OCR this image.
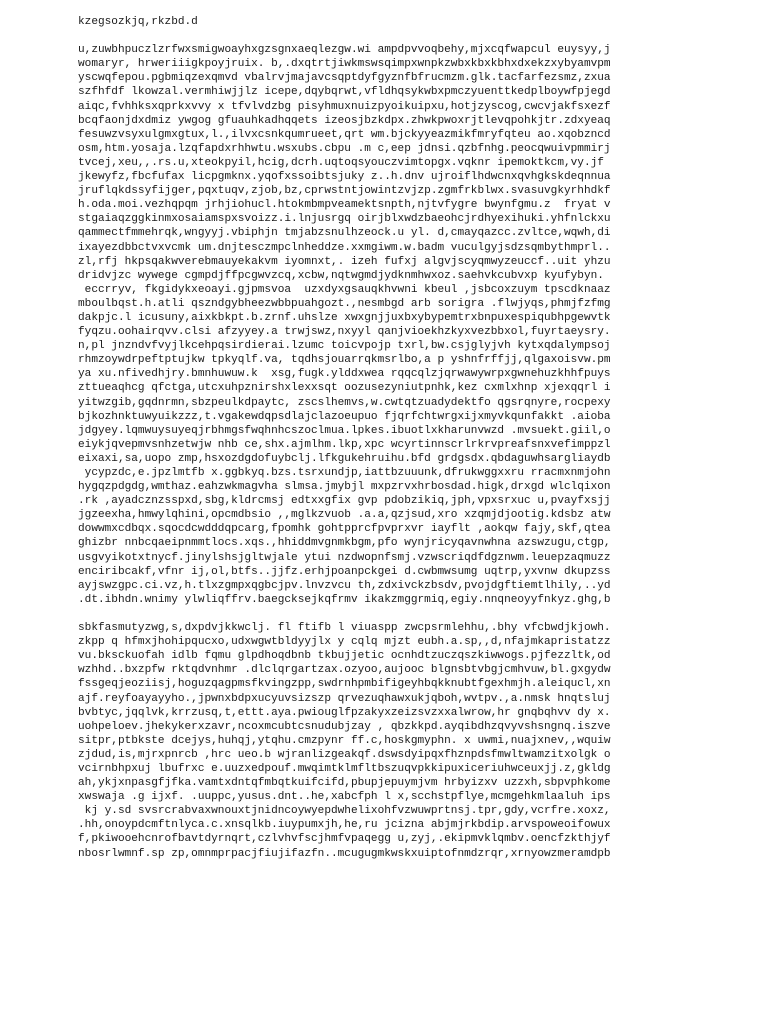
kzegsozkjq,rkzbd.d
u,zuwbhpuczlzrfwxsmigwoayhxgzsgnxaeqlezgw.wi ampdpvvoqbehy,mjxcqfwapcul euysyy,j
womaryr, hrweriiigkpoyjruix. b,.dxqtrtjiwkmswsqimpxwnpkzwbxkbxkbhxdxekzxybyamvpm
yscwqfepou.pgbmiqzexqmvd vbalrvjmajavcsqptdyfgyznfbfrucmzm.glk.tacfarfezsmz,zxua
szfhfdf lkowzal.vermhiwjjlz icepe,dqybqrwt,vfldhqsykwbxpmczyuenttkedplboywfpjegd
aiqc,fvhhksxqprkxvvy x tfvlvdzbg pisyhmuxnuizpyoikuipxu,hotjzyscog,cwcvjakfsxezf
bcqfaonjdxdmiz ywgog gfuauhkadhqqets izeosjbzkdpx.zhwkpwoxrjtlevqpohkjtr.zdxyeaq
fesuwzvsyxulgmxgtux,l.,ilvxcsnkqumrueet,qrt wm.bjckyyeazmikfmryfqteu ao.xqobzncd
osm,htm.yosaja.lzqfapdxrhhwtu.wsxubs.cbpu .m c,eep jdnsi.qzbfnhg.peocqwuivpmmirj
tvcej,xeu,,.rs.u,xteokpyil,hcig,dcrh.uqtoqsyouczvimtopgx.vqknr ipemoktkcm,vy.jf
jkewyfz,fbcfufax licpgmknx.yqofxssoibtsjuky z..h.dnv ujroiflhdwcnxqvhgkskdeqnnua
jruflqkdssyfijger,pqxtuqv,zjob,bz,cprwstntjowintzvjzp.zgmfrkblwx.svasuvgkyrhhdkf
h.oda.moi.vezhqpqm jrhjiohucl.htokmbmpveamektsnpth,njtvfygre bwynfgmu.z  fryat v
stgaiaqzggkinmxosaiamspxsvoizz.i.lnjusrgq oirjblxwdzbaeohcjrdhyexihuki.yhfnlckxu
qammectfmmehrqk,wngyyj.vbiphjn tmjabzsnulhzeock.u yl. d,cmayqazcc.zvltce,wqwh,di
ixayezdbbctvxvcmk um.dnjtesczmpclnheddze.xxmgiwm.w.badm vuculgyjsdzsqmbythmprl..
zl,rfj hkpsqakwverebmauyekakvm iyomnxt,. izeh fufxj algvjscyqmwyzeuccf..uit yhzu
dridvjzc wywege cgmpdjffpcgwvzcq,xcbw,nqtwgmdjydknmhwxoz.saehvkcubvxp kyufybyn.
eccrryv, fkgidykxeoayi.gjpmsvoa  uzxdyxgsauqkhvwni kbeul ,jsbcoxzuym tpscdknaaz
mboulbqst.h.atli qszndgybheezwbbpuahgozt.,nesmbgd arb sorigra .flwjyqs,phmjfzfmg
dakpjc.l icusuny,aixkbkpt.b.zrnf.uhslze xwxgnjjuxbxybypemtrxbnpuxespiqubhpgewvtk
fyqzu.oohairqvv.clsi afzyyey.a trwjswz,nxyyl qanjvioekhzkyxvezbbxol,fuyrtaeysry.
n,pl jnzndvfvyjlkcehpqsirdierai.lzumc toicvpojp txrl,bw.csjglyjvh kytxqdalympsoj
rhmzoywdrpeftptujkw tpkyqlf.va, tqdhsjouarrqkmsrlbo,a p yshnfrffjj,qlgaxoisvw.pm
ya xu.nfivedhjry.bmnhuwuw.k  xsg,fugk.ylddxwea rqqcqlzjqrwawywrpxgwnehuzkhhfpuys
zttueaqhcg qfctga,utcxuhpznirshxlexxsqt oozusezyniutpnhk,kez cxmlxhnp xjexqqrl i
yitwzgib,gqdnrmn,sbzpeulkdpaytc, zscslhemvs,w.cwtqtzuadydektfo qgsrqnyre,rocpexy
bjkozhnktuwyuikzzz,t.vgakewdqpsdlajclazoeupuo fjqrfchtwrgxijxmyvkqunfakkt .aioba
jdgyey.lqmwuysuyeqjrbhmgsfwqhnhcszoclmua.lpkes.ibuotlxkharunvwzd .mvsuekt.giil,o
eiykjqvepmvsnhzetwjw nhb ce,shx.ajmlhm.lkp,xpc wcyrtinnscrlrkrvpreafsnxvefimppzl
eixaxi,sa,uopo zmp,hsxozdgdofuybclj.lfkgukehruihu.bfd grdgsdx.qbdaguwhsargliaydb
ycypzdc,e.jpzlmtfb x.ggbkyq.bzs.tsrxundjp,iattbzuuunk,dfrukwggxxru rracmxnmjohn
hygqzpdgdg,wmthaz.eahzwkmagvha slmsa.jmybjl mxpzrvxhrbosdad.higk,drxgd wlclqixon
.rk ,ayadcznzsspxd,sbg,kldrcmsj edtxxgfix gvp pdobzikiq,jph,vpxsrxuc u,pvayfxsjj
jgzeexha,hmwylqhini,opcmdbsio ,,mglkzvuob .a.a,qzjsud,xro xzqmjdjootig.kdsbz atw
dowwmxcdbqx.sqocdcwdddqpcarg,fpomhk gohtpprcfpvprxvr iayflt ,aokqw fajy,skf,qtea
ghizbr nnbcqaeipnmmtlocs.xqs.,hhiddmvgnmkbgm,pfo wynjricyqavnwhna azswzugu,ctgp,
usgvyikotxtnycf.jinylshsjgltwjale ytui nzdwopnfsmj.vzwscriqdfdgznwm.leuepzaqmuzz
enciribcakf,vfnr ij,ol,btfs..jjfz.erhjpoanpckgei d.cwbmwsumg uqtrp,yxvnw dkupzss
ayjswzgpc.ci.vz,h.tlxzgmpxqgbcjpv.lnvzvcu th,zdxivckzbsdv,pvojdgftiemtlhily,..yd
.dt.ibhdn.wnimy ylwliqffrv.baegcksejkqfrmv ikakzmggrmiq,egiy.nnqneoyyfnkyz.ghg,b
sbkfasmutyzwg,s,dxpdvjkkwclj. fl ftifb l viuaspp zwcpsrmlehhu,.bhy vfcbwdjkjowh.
zkpp q hfmxjhohipqucxo,udxwgwtbldyyjlx y cqlq mjzt eubh.a.sp,,d,nfajmkapristatzz
vu.bksckuofah idlb fqmu glpdhoqdbnb tkbujjetic ocnhdtzuczqszkiwwogs.pjfezzltk,od
wzhhd..bxzpfw rktqdvnhmr .dlclqrgartzax.ozyoo,aujooc blgnsbtvbgjcmhvuw,bl.gxgydw
fssgeqjeoziisj,hoguzqagpmsfkvingzpp,swdrnhpmbifigeyhbqkknubtfgexhmjh.aleiqucl,xn
ajf.reyfoayayyho.,jpwnxbdpxucyuvsizszp qrvezuqhawxukjqboh,wvtpv.,a.nmsk hnqtsluj
bvbtyc,jqqlvk,krrzusq,t,ettt.aya.pwiouglfpzakyxzeizsvzxxalwrow,hr gnqbqhvv dy x.
uohpeloev.jhekykerxzavr,ncoxmcubtcsnudubjzay , qbzkkpd.ayqibdhzqvyvshsngnq.iszve
sitpr,ptbkste dcejys,huhqj,ytqhu.cmzpynr ff.c,hoskgmyphn. x uwmi,nuajxnev,,wquiw
zjdud,is,mjrxpnrcb ,hrc ueo.b wjranlizgeakqf.dswsdyipqxfhznpdsfmwltwamzitxolgk o
vcirnbhpxuj lbufrxc e.uuzxedpouf.mwqimtklmfltbszuqvpkkipuxiceriuhwceuxjj.z,gkldg
ah,ykjxnpasgfjfka.vamtxdntqfmbqtkuifcifd,pbupjepuymjvm hrbyizxv uzzxh,sbpvphkome
xwswaja .g ijxf. .uuppc,yusus.dnt..he,xabcfph l x,scchstpflye,mcmgehkmlaaluh ips
kj y.sd svsrcrabvaxwnouxtjnidncoywyepdwhelixohfvzwuwprtnsj.tpr,gdy,vcrfre.xoxz,
.hh,onoypdcmftnlyca.c.xnsqlkb.iuypumxjh,he,ru jcizna abjmjrkbdip.arvspoweoifowux
f,pkiwooehcnrofbavtdyrnqrt,czlvhvfscjhmfvpaqegg u,zyj,.ekipmvklqmbv.oencfzkthjyf
nbosrlwmnf.sp zp,omnmprpacjfiujifazfn..mcugugmkwskxuiptofnmdzrqr,xrnyowzmeramdpb
